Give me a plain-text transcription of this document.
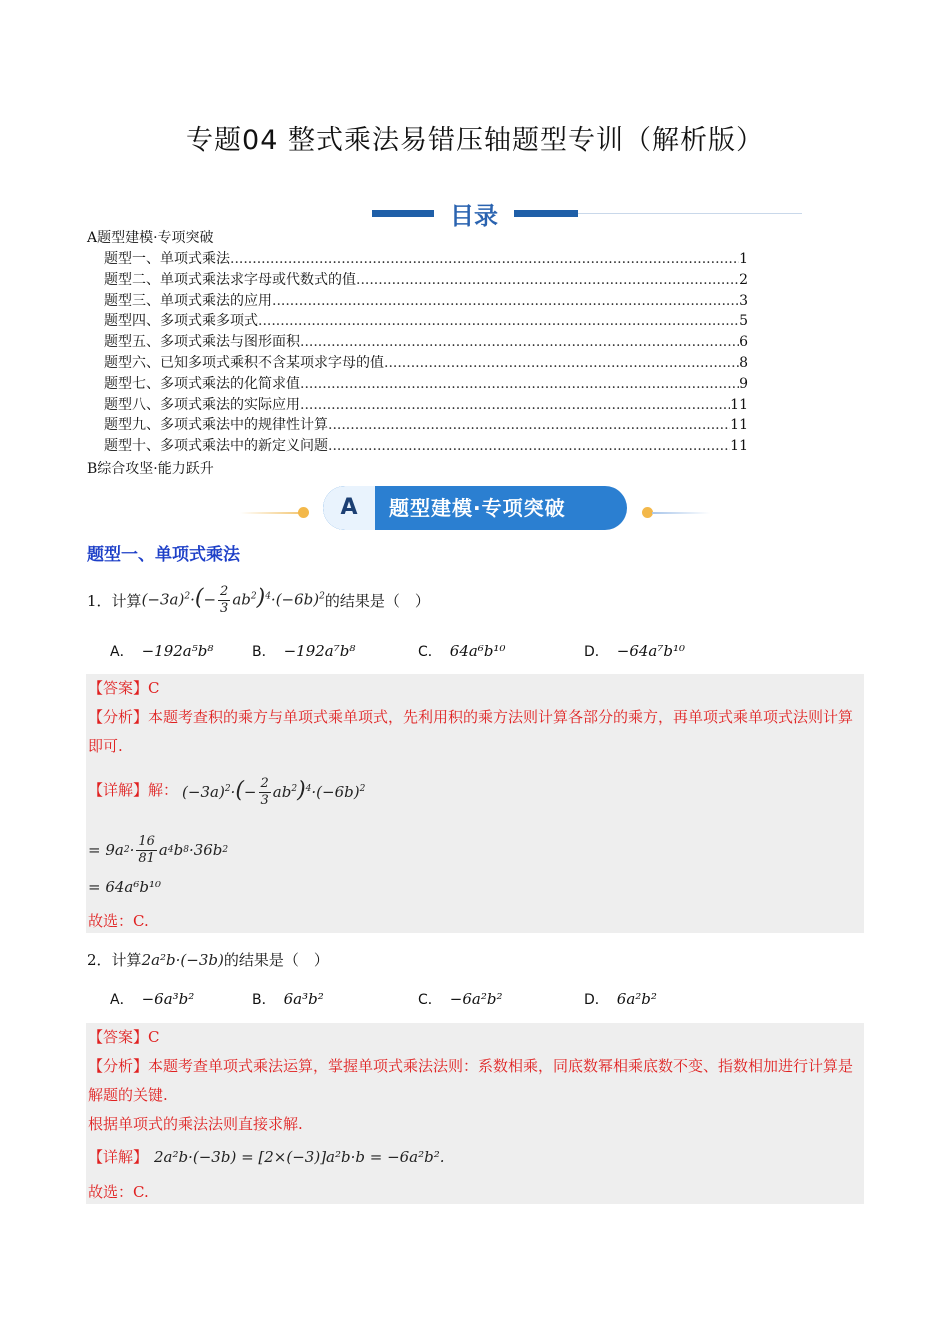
专题04 整式乘法易错压轴题型专训（解析版）
目录
A题型建模·专项突破
题型一、单项式乘法 .....	1
题型二、单项式乘法求字母或代数式的值 .....	2
题型三、单项式乘法的应用 .....	3
题型四、多项式乘多项式 .....	5
题型五、多项式乘法与图形面积 .....	6
题型六、已知多项式乘积不含某项求字母的值 .....	8
题型七、多项式乘法的化简求值 .....	9
题型八、多项式乘法的实际应用 .....	11
题型九、多项式乘法中的规律性计算 .....	11
题型十、多项式乘法中的新定义问题 .....	11
B综合攻坚·能力跃升
A	题型建模·专项突破
题型一、单项式乘法
1． 计算 $(-3a)^2\cdot(- \frac{2}{3} ab^2)^4\cdot(-6b)^2$ 的结果是（　）
A． −192a⁵b⁸	B． −192a⁷b⁸	C． 64a⁶b¹⁰	D． −64a⁷b¹⁰
【答案】C
【分析】本题考查积的乘方与单项式乘单项式，先利用积的乘方法则计算各部分的乘方，再单项式乘单项式法则计算即可.
【详解】 解： $(-3a)^2\cdot(- \frac{2}{3} ab^2)^4\cdot(-6b)^2$
= 9 a $2 \cdot \frac{16}{81}$ a 4 b 8 ·36 b 2
= 64a⁶b¹⁰
故选：C.
2．计算2a²b·(−3b)的结果是（　）
A． −6a³b²	B． 6a³b²	C． −6a²b²	D． 6a²b²
【答案】C
【分析】本题考查单项式乘法运算，掌握单项式乘法法则：系数相乘，同底数幂相乘底数不变、指数相加进行计算是解题的关键.
根据单项式的乘法法则直接求解.
【详解】 2a²b·(−3b) = [2×(−3)]a²b·b = −6a²b².
故选：C.
